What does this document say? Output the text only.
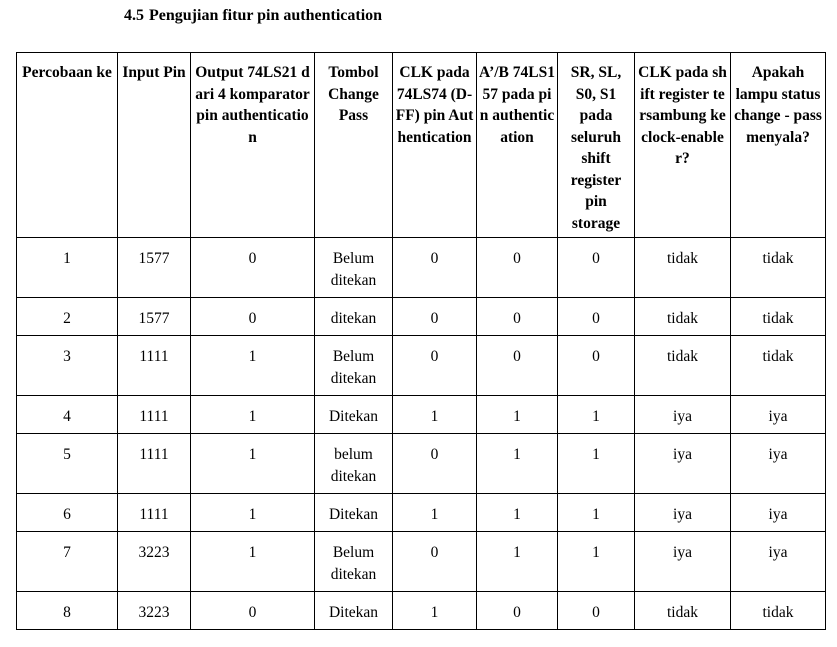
4.5 Pengujian fitur pin authentication
Percobaan ke	Input Pin	Output 74LS21 dari 4 komparator pin authentication	Tombol Change Pass	CLK pada 74LS74 (D-FF) pin Authentication	A’/B 74LS157 pada pin authentication	SR, SL, S0, S1 pada seluruh shift register pin storage	CLK pada shift register tersambung ke clock-enabler?	Apakah lampu status change - pass menyala?
1	1577	0	Belum ditekan	0	0	0	tidak	tidak
2	1577	0	ditekan	0	0	0	tidak	tidak
3	1111	1	Belum ditekan	0	0	0	tidak	tidak
4	1111	1	Ditekan	1	1	1	iya	iya
5	1111	1	belum ditekan	0	1	1	iya	iya
6	1111	1	Ditekan	1	1	1	iya	iya
7	3223	1	Belum ditekan	0	1	1	iya	iya
8	3223	0	Ditekan	1	0	0	tidak	tidak
